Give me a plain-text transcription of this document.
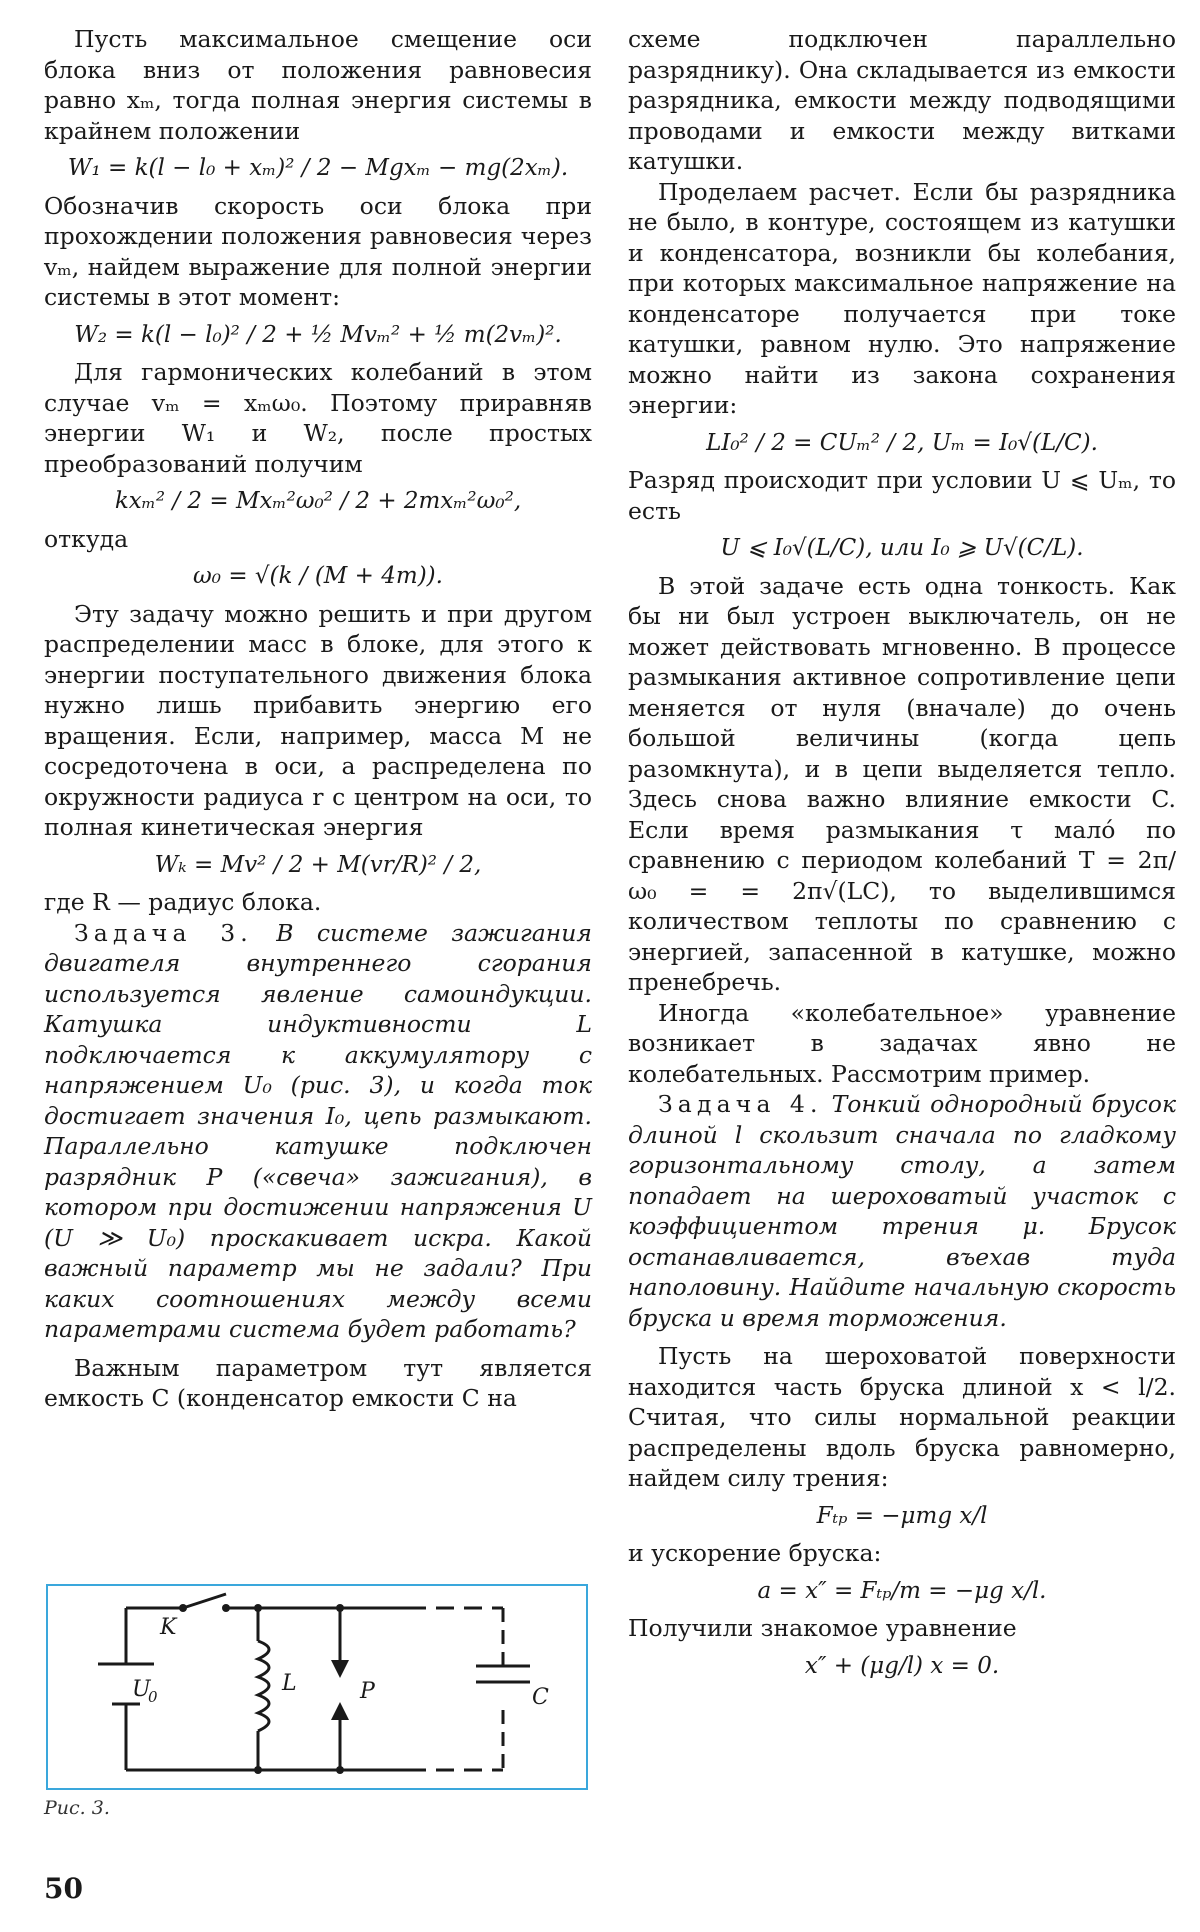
Пусть максимальное смещение оси блока вниз от положения равновесия равно xₘ, тогда полная энергия системы в крайнем положении

W₁ = k(l − l₀ + xₘ)² / 2 − Mgxₘ − mg(2xₘ).

Обозначив скорость оси блока при прохождении положения равновесия через vₘ, найдем выражение для полной энергии системы в этот момент:

W₂ = k(l − l₀)² / 2 + ½ Mvₘ² + ½ m(2vₘ)².

Для гармонических колебаний в этом случае vₘ = xₘω₀. Поэтому приравняв энергии W₁ и W₂, после простых преобразований получим

kxₘ² / 2 = Mxₘ²ω₀² / 2 + 2mxₘ²ω₀²,

откуда

ω₀ = √(k / (M + 4m)).

Эту задачу можно решить и при другом распределении масс в блоке, для этого к энергии поступательного движения блока нужно лишь прибавить энергию его вращения. Если, например, масса M не сосредоточена в оси, а распределена по окружности радиуса r с центром на оси, то полная кинетическая энергия

Wₖ = Mv² / 2 + M(vr/R)² / 2,

где R — радиус блока.

Задача 3. В системе зажигания двигателя внутреннего сгорания используется явление самоиндукции. Катушка индуктивности L подключается к аккумулятору с напряжением U₀ (рис. 3), и когда ток достигает значения I₀, цепь размыкают. Параллельно катушке подключен разрядник P («свеча» зажигания), в котором при достижении напряжения U (U ≫ U₀) проскакивает искра. Какой важный параметр мы не задали? При каких соотношениях между всеми параметрами система будет работать?

Важным параметром тут является емкость C (конденсатор емкости C на

схеме подключен параллельно разряднику). Она складывается из емкости разрядника, емкости между подводящими проводами и емкости между витками катушки.

Проделаем расчет. Если бы разрядника не было, в контуре, состоящем из катушки и конденсатора, возникли бы колебания, при которых максимальное напряжение на конденсаторе получается при токе катушки, равном нулю. Это напряжение можно найти из закона сохранения энергии:

LI₀² / 2 = CUₘ² / 2, Uₘ = I₀√(L/C).

Разряд происходит при условии U ⩽ Uₘ, то есть

U ⩽ I₀√(L/C), или I₀ ⩾ U√(C/L).

В этой задаче есть одна тонкость. Как бы ни был устроен выключатель, он не может действовать мгновенно. В процессе размыкания активное сопротивление цепи меняется от нуля (вначале) до очень большой величины (когда цепь разомкнута), и в цепи выделяется тепло. Здесь снова важно влияние емкости C. Если время размыкания τ мало́ по сравнению с периодом колебаний T = 2π/ω₀ = = 2π√(LC), то выделившимся количеством теплоты по сравнению с энергией, запасенной в катушке, можно пренебречь.

Иногда «колебательное» уравнение возникает в задачах явно не колебательных. Рассмотрим пример.

Задача 4. Тонкий однородный брусок длиной l скользит сначала по гладкому горизонтальному столу, а затем попадает на шероховатый участок с коэффициентом трения μ. Брусок останавливается, въехав туда наполовину. Найдите начальную скорость бруска и время торможения.

Пусть на шероховатой поверхности находится часть бруска длиной x < l/2. Считая, что силы нормальной реакции распределены вдоль бруска равномерно, найдем силу трения:

Fₜₚ = −μmg x/l

и ускорение бруска:

a = x″ = Fₜₚ/m = −μg x/l.

Получили знакомое уравнение

x″ + (μg/l) x = 0.
K
U
0
L	P	C
Рис. 3.
50
